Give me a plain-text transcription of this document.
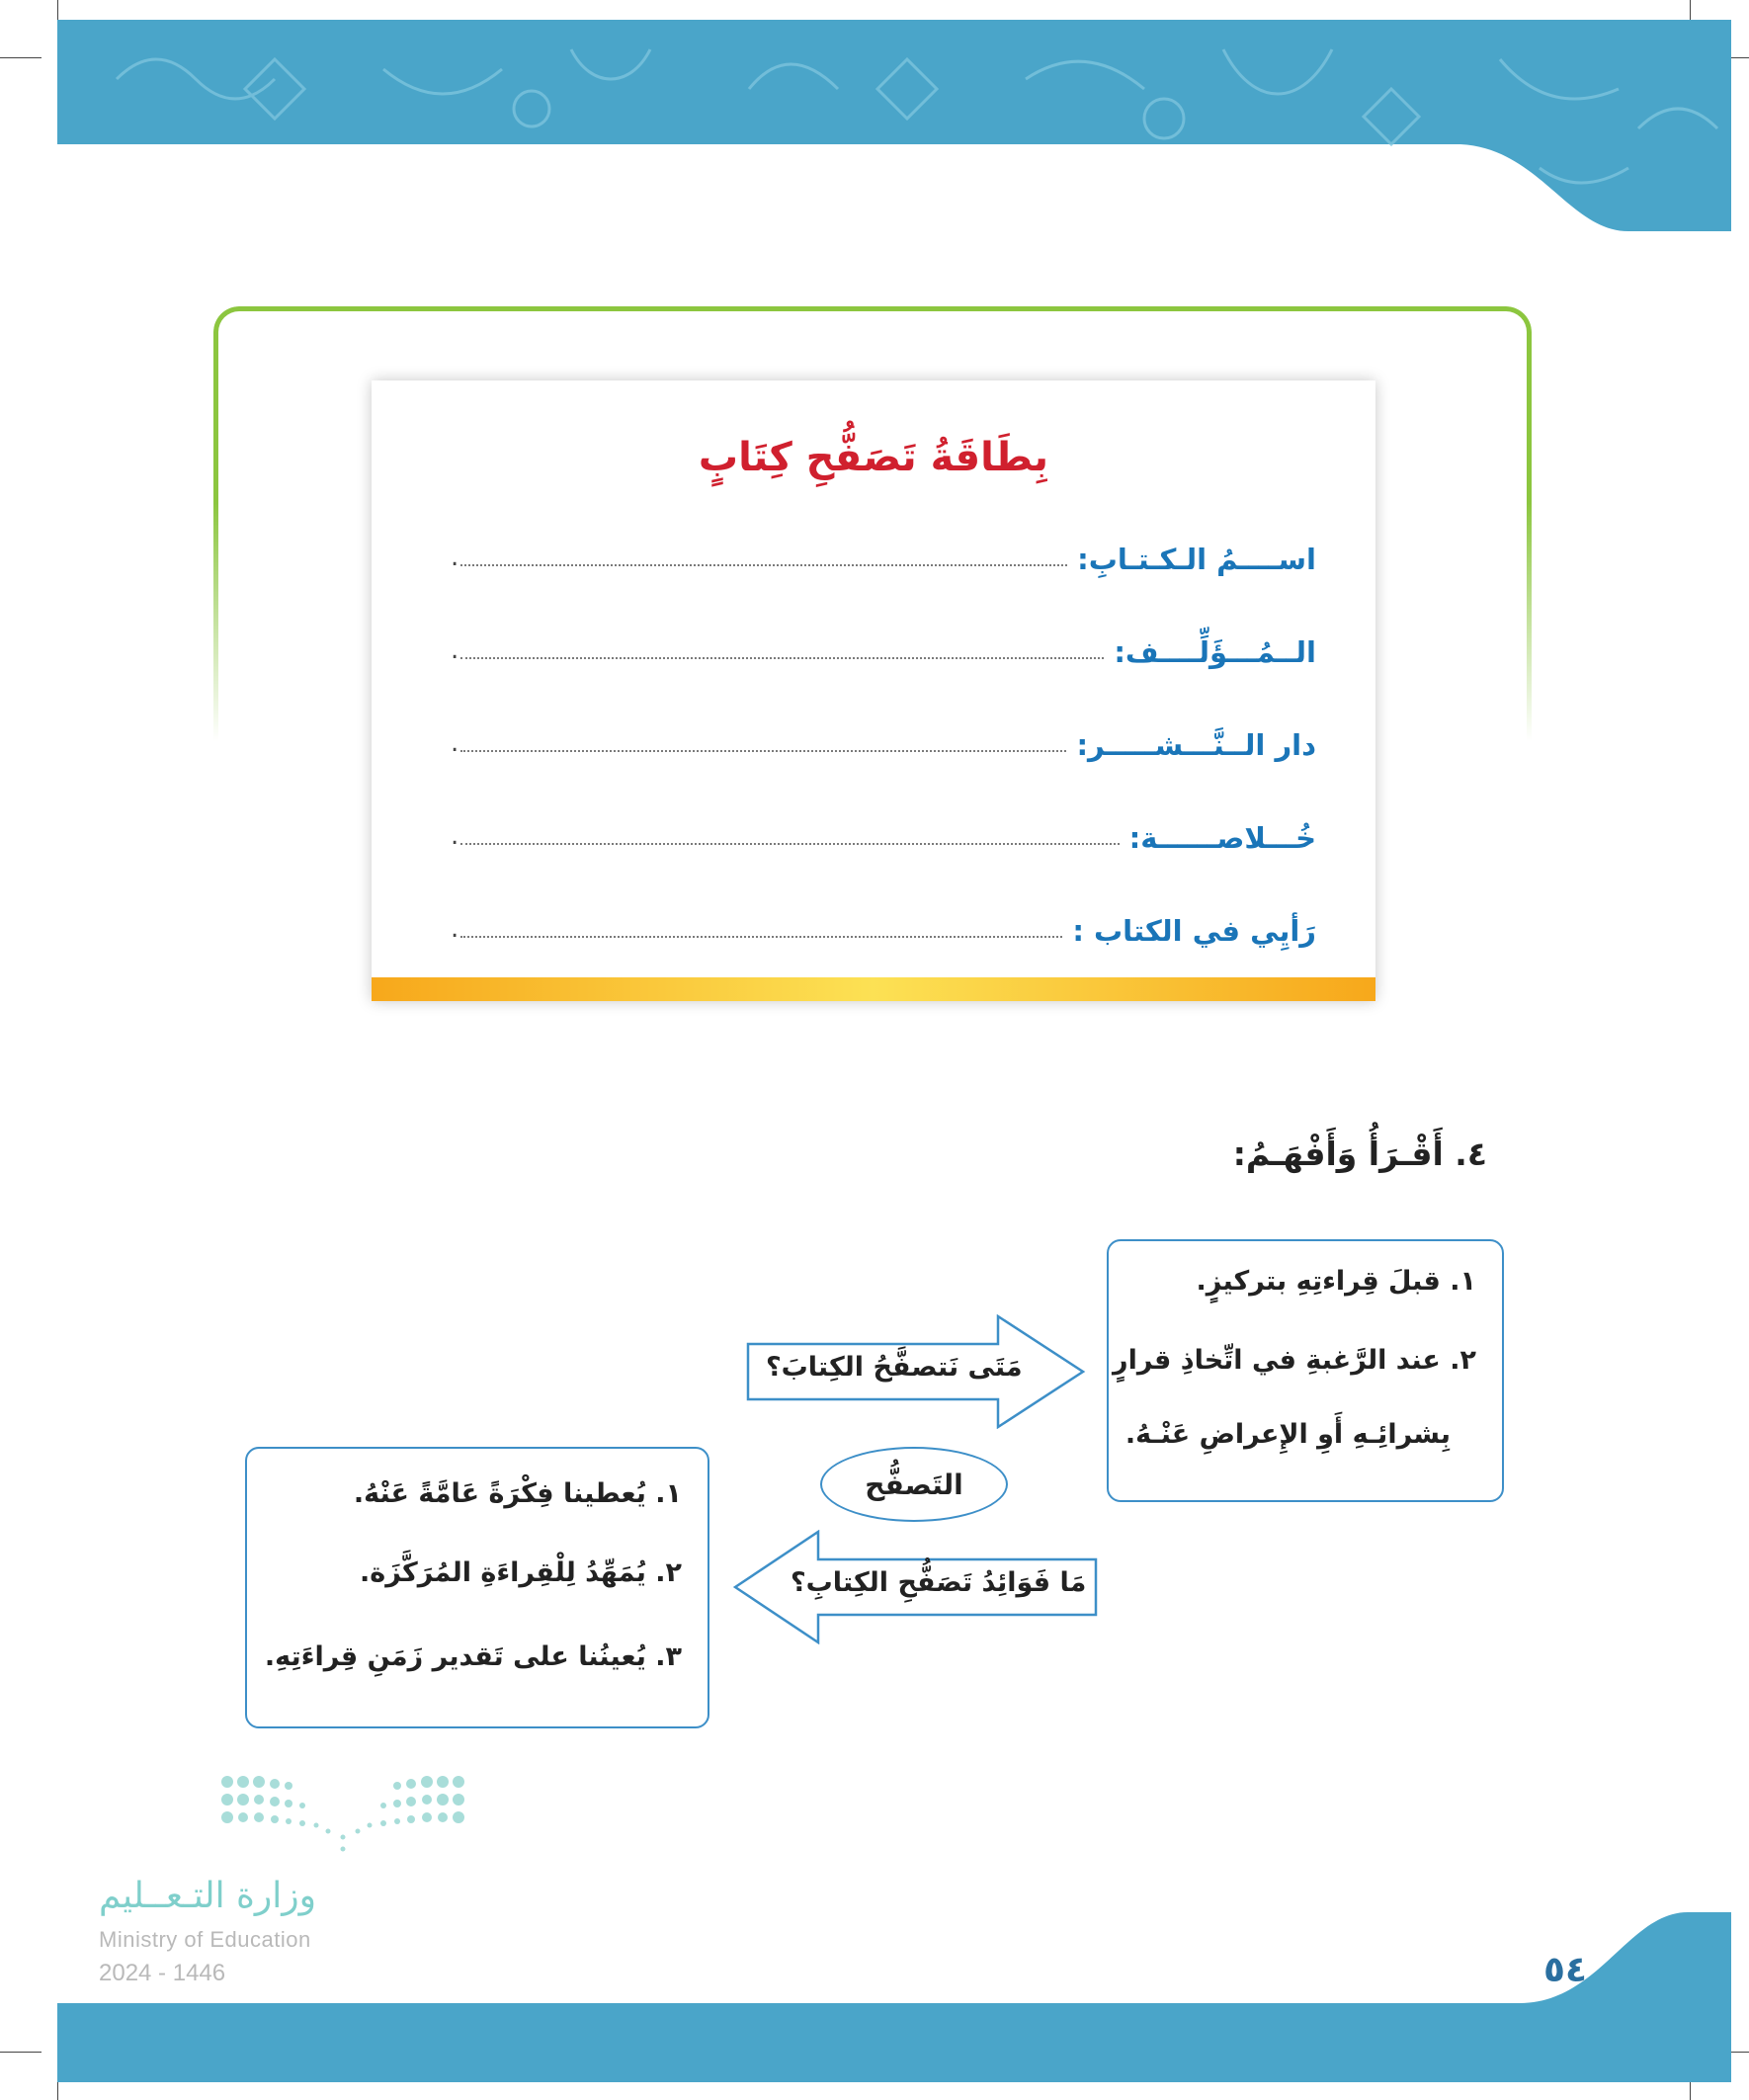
بِطَاقَةُ تَصَفُّحِ كِتَابٍ
اســــمُ الـكـتـابِ:
.
الــمُـــؤَلِّــــف:
.
دار الــنَّـــشـــــر:
.
خُـــلاصــــــة:
.
رَأيِي في الكتاب :
.
٤. أَقْـرَأُ وَأَفْهَـمُ:
١. قبلَ قِراءتِهِ بتركيزٍ.
٢. عند الرَّغبةِ في اتِّخاذِ قرارٍ
بِشرائِـهِ أَوِ الإِعراضِ عَنْـهُ.
مَتَى نَتصفَّحُ الكِتابَ؟
التَصفُّح
مَا فَوَائِدُ تَصَفُّحِ الكِتابِ؟
١. يُعطينا فِكْرَةً عَامَّةً عَنْهُ.
٢. يُمَهِّدُ لِلْقِراءَةِ المُرَكَّزَة.
٣. يُعينُنا على تَقدير زَمَنِ قِراءَتِهِ.
وزارة التـعــليم
Ministry of Education
2024 - 1446	٥٤
